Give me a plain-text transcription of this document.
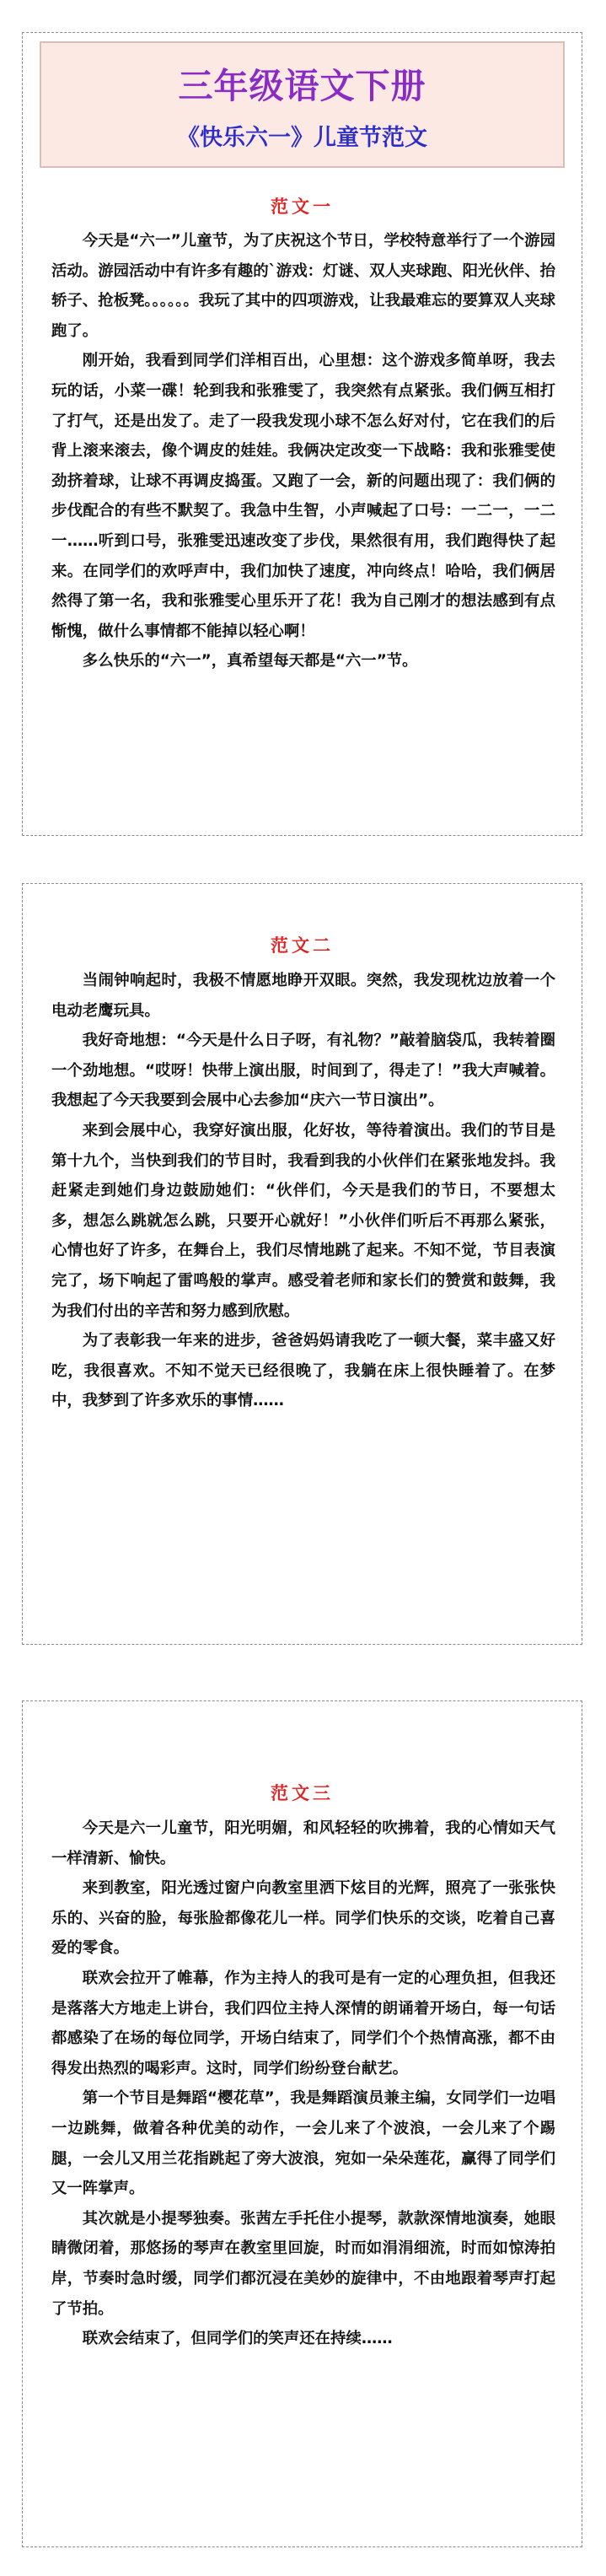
三年级语文下册
《快乐六一》儿童节范文
范文一

今天是“六一”儿童节，为了庆祝这个节日，学校特意举行了一个游园活动。游园活动中有许多有趣的`游戏：灯谜、双人夹球跑、阳光伙伴、抬轿子、抢板凳。。。。。。我玩了其中的四项游戏，让我最难忘的要算双人夹球跑了。

刚开始，我看到同学们洋相百出，心里想：这个游戏多简单呀，我去玩的话，小菜一碟！轮到我和张雅雯了，我突然有点紧张。我们俩互相打了打气，还是出发了。走了一段我发现小球不怎么好对付，它在我们的后背上滚来滚去，像个调皮的娃娃。我俩决定改变一下战略：我和张雅雯使劲挤着球，让球不再调皮捣蛋。又跑了一会，新的问题出现了：我们俩的步伐配合的有些不默契了。我急中生智，小声喊起了口号：一二一，一二一……听到口号，张雅雯迅速改变了步伐，果然很有用，我们跑得快了起来。在同学们的欢呼声中，我们加快了速度，冲向终点！哈哈，我们俩居然得了第一名，我和张雅雯心里乐开了花！我为自己刚才的想法感到有点惭愧，做什么事情都不能掉以轻心啊！

多么快乐的“六一”，真希望每天都是“六一”节。

范文二

当闹钟响起时，我极不情愿地睁开双眼。突然，我发现枕边放着一个电动老鹰玩具。

我好奇地想：“今天是什么日子呀，有礼物？”敲着脑袋瓜，我转着圈一个劲地想。“哎呀！快带上演出服，时间到了，得走了！”我大声喊着。我想起了今天我要到会展中心去参加“庆六一节日演出”。

来到会展中心，我穿好演出服，化好妆，等待着演出。我们的节目是第十九个，当快到我们的节目时，我看到我的小伙伴们在紧张地发抖。我赶紧走到她们身边鼓励她们：“伙伴们，今天是我们的节日，不要想太多，想怎么跳就怎么跳，只要开心就好！”小伙伴们听后不再那么紧张，心情也好了许多，在舞台上，我们尽情地跳了起来。不知不觉，节目表演完了，场下响起了雷鸣般的掌声。感受着老师和家长们的赞赏和鼓舞，我为我们付出的辛苦和努力感到欣慰。

为了表彰我一年来的进步，爸爸妈妈请我吃了一顿大餐，菜丰盛又好吃，我很喜欢。不知不觉天已经很晚了，我躺在床上很快睡着了。在梦中，我梦到了许多欢乐的事情……

范文三

今天是六一儿童节，阳光明媚，和风轻轻的吹拂着，我的心情如天气一样清新、愉快。

来到教室，阳光透过窗户向教室里洒下炫目的光辉，照亮了一张张快乐的、兴奋的脸，每张脸都像花儿一样。同学们快乐的交谈，吃着自己喜爱的零食。

联欢会拉开了帷幕，作为主持人的我可是有一定的心理负担，但我还是落落大方地走上讲台，我们四位主持人深情的朗诵着开场白，每一句话都感染了在场的每位同学，开场白结束了，同学们个个热情高涨，都不由得发出热烈的喝彩声。这时，同学们纷纷登台献艺。

第一个节目是舞蹈“樱花草”，我是舞蹈演员兼主编，女同学们一边唱一边跳舞，做着各种优美的动作，一会儿来了个波浪，一会儿来了个踢腿，一会儿又用兰花指跳起了旁大波浪，宛如一朵朵莲花，赢得了同学们又一阵掌声。

其次就是小提琴独奏。张茜左手托住小提琴，款款深情地演奏，她眼睛微闭着，那悠扬的琴声在教室里回旋，时而如涓涓细流，时而如惊涛拍岸，节奏时急时缓，同学们都沉浸在美妙的旋律中，不由地跟着琴声打起了节拍。

联欢会结束了，但同学们的笑声还在持续……
